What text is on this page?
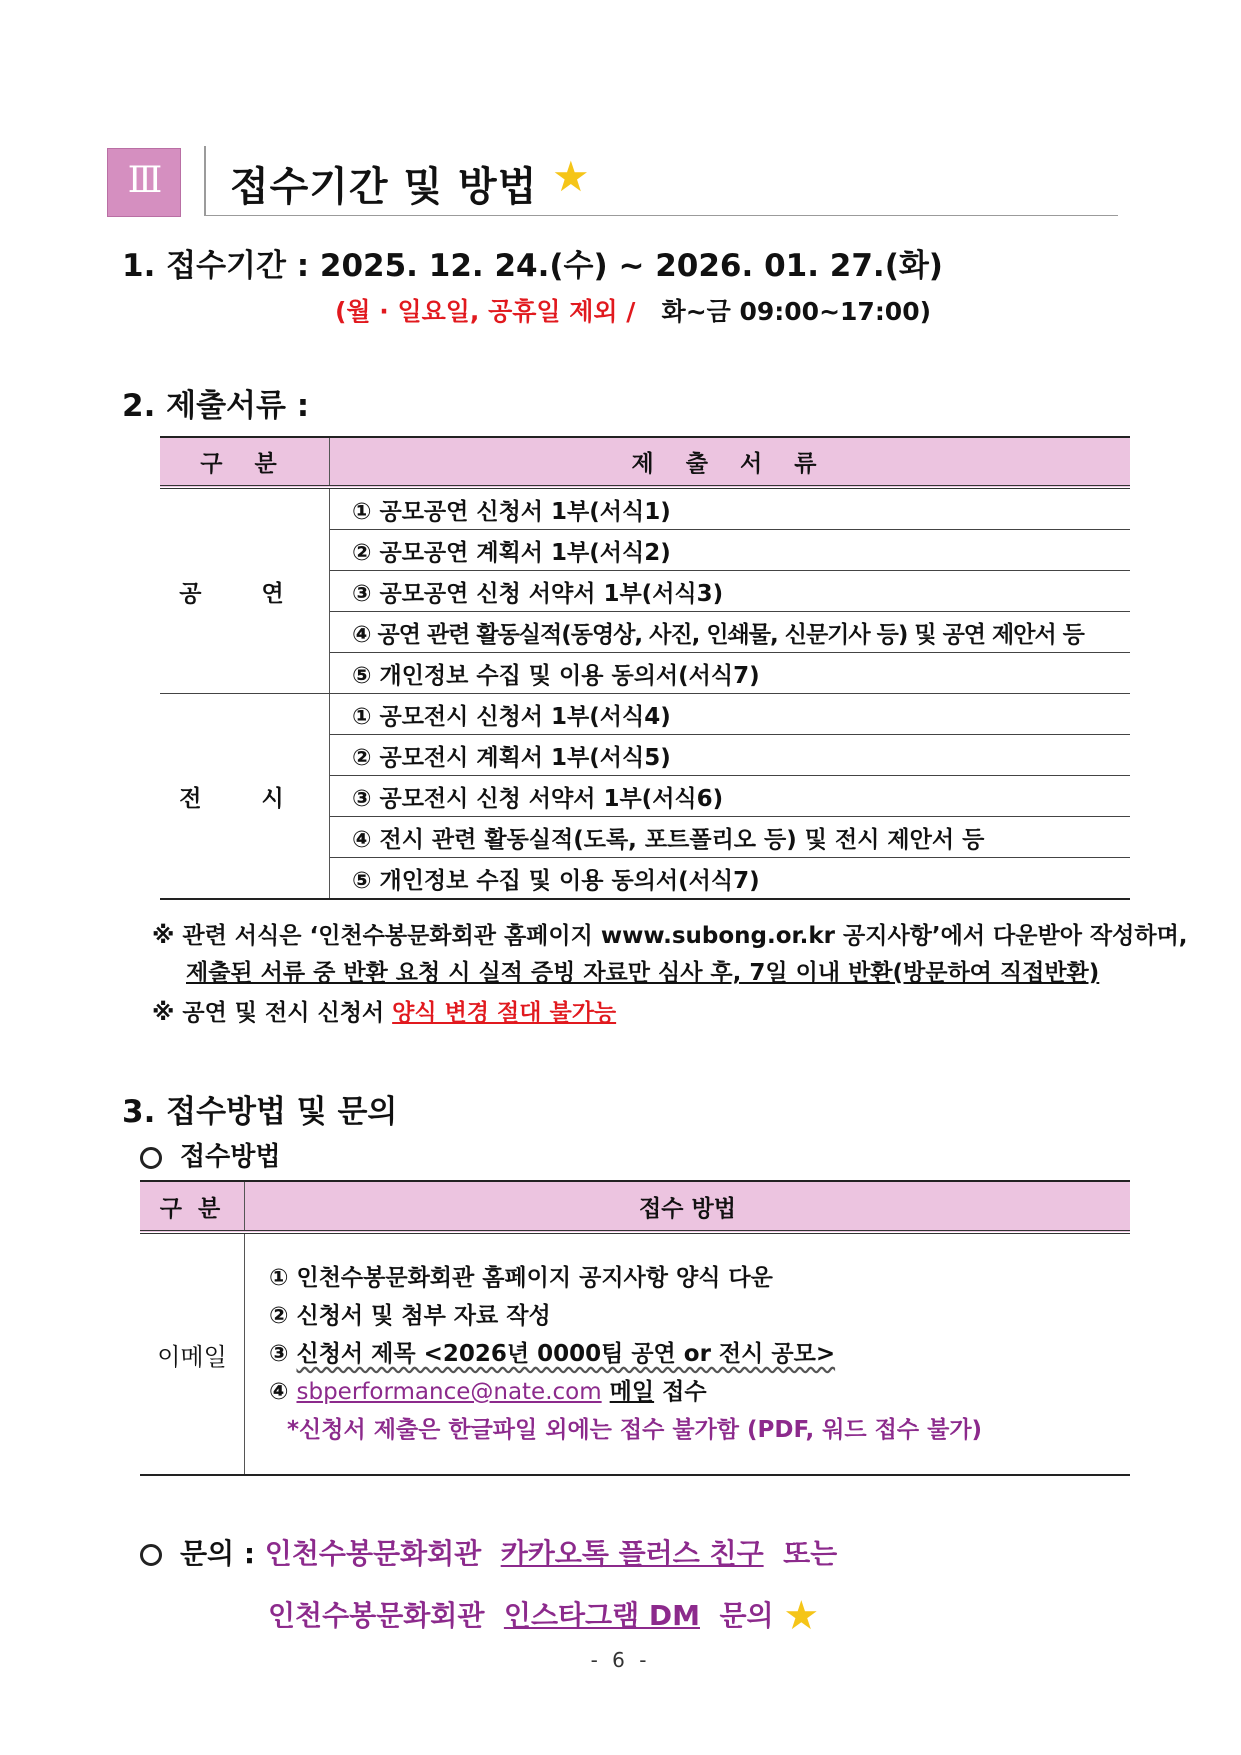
Ⅲ	접수기간 및 방법 ★
1. 접수기간 : 2025. 12. 24.(수) ~ 2026. 01. 27.(화)
(월 · 일요일, 공휴일 제외 / 화~금 09:00~17:00)
2. 제출서류 :
구 분	제 출 서 류
공 연	① 공모공연 신청서 1부(서식1)
	② 공모공연 계획서 1부(서식2)
	③ 공모공연 신청 서약서 1부(서식3)
	④ 공연 관련 활동실적(동영상, 사진, 인쇄물, 신문기사 등) 및 공연 제안서 등
	⑤ 개인정보 수집 및 이용 동의서(서식7)
전 시	① 공모전시 신청서 1부(서식4)
	② 공모전시 계획서 1부(서식5)
	③ 공모전시 신청 서약서 1부(서식6)
	④ 전시 관련 활동실적(도록, 포트폴리오 등) 및 전시 제안서 등
	⑤ 개인정보 수집 및 이용 동의서(서식7)
※ 관련 서식은 ‘인천수봉문화회관 홈페이지 www.subong.or.kr 공지사항’에서 다운받아 작성하며,
제출된 서류 중 반환 요청 시 실적 증빙 자료만 심사 후, 7일 이내 반환(방문하여 직접반환)
※ 공연 및 전시 신청서 양식 변경 절대 불가능
3. 접수방법 및 문의
접수방법
구 분	접수 방법
이메일	① 인천수봉문화회관 홈페이지 공지사항 양식 다운
② 신청서 및 첨부 자료 작성
③ 신청서 제목 <2026년 0000팀 공연 or 전시 공모>
④ sbperformance@nate.com 메일 접수
*신청서 제출은 한글파일 외에는 접수 불가함 (PDF, 워드 접수 불가)
문의 : 인천수봉문화회관 카카오톡 플러스 친구 또는
인천수봉문화회관 인스타그램 DM 문의 ★
- 6 -
